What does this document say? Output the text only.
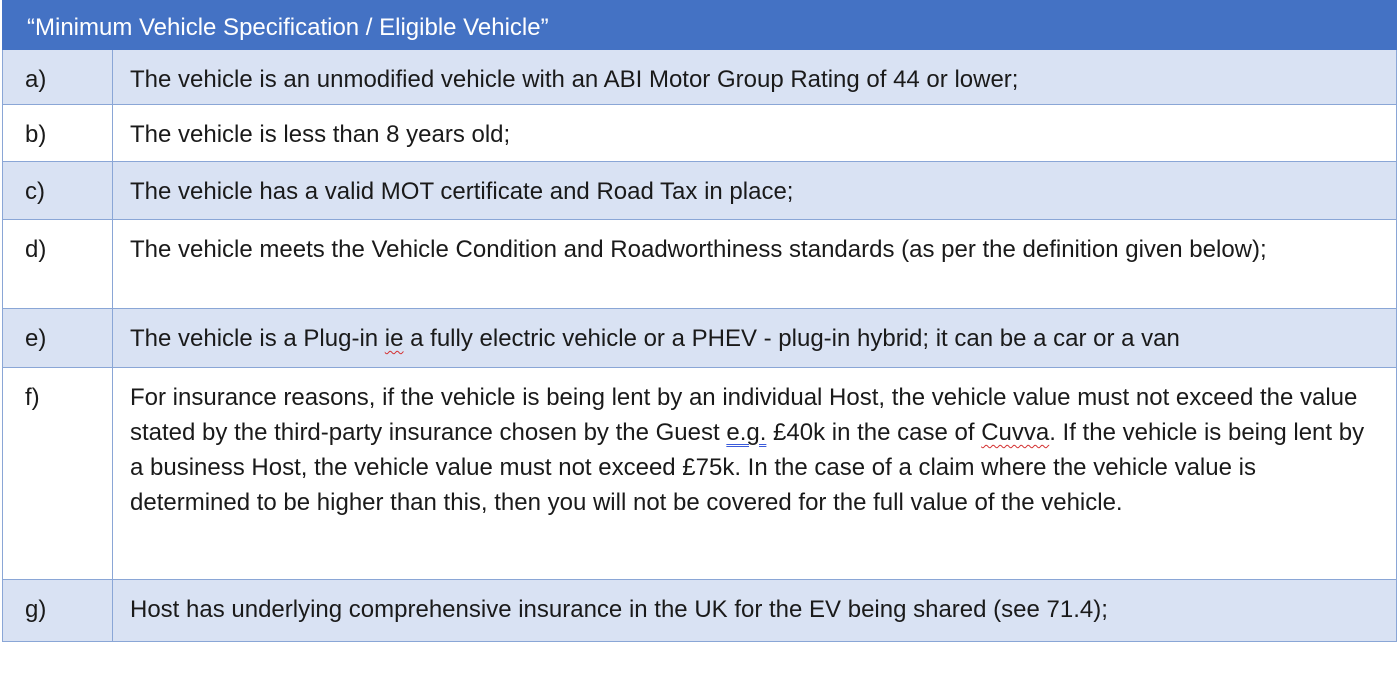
“Minimum Vehicle Specification / Eligible Vehicle”	
a)	The vehicle is an unmodified vehicle with an ABI Motor Group Rating of 44 or lower;
b)	The vehicle is less than 8 years old;
c)	The vehicle has a valid MOT certificate and Road Tax in place;
d)	The vehicle meets the Vehicle Condition and Roadworthiness standards (as per the definition given below);
e)	The vehicle is a Plug-in ie a fully electric vehicle or a PHEV - plug-in hybrid; it can be a car or a van
f)	For insurance reasons, if the vehicle is being lent by an individual Host, the vehicle value must not exceed the value stated by the third-party insurance chosen by the Guest e.g. £40k in the case of Cuvva. If the vehicle is being lent by a business Host, the vehicle value must not exceed £75k. In the case of a claim where the vehicle value is determined to be higher than this, then you will not be covered for the full value of the vehicle.
g)	Host has underlying comprehensive insurance in the UK for the EV being shared (see 71.4);
